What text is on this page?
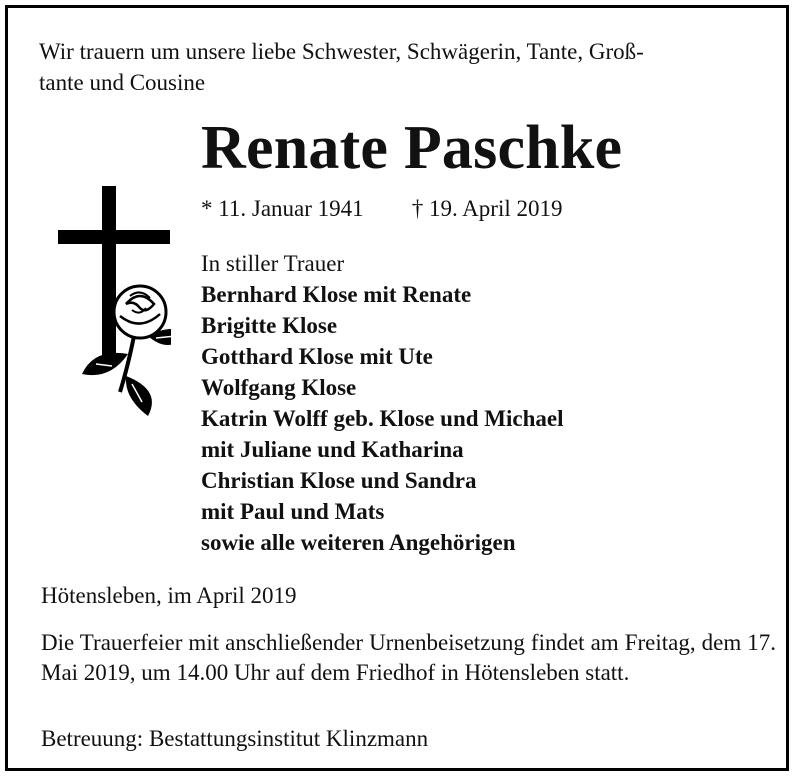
Wir trauern um unsere liebe Schwester, Schwägerin, Tante, Groß-
tante und Cousine
Renate Paschke
* 11. Januar 1941 † 19. April 2019
In stiller Trauer
Bernhard Klose mit Renate
Brigitte Klose
Gotthard Klose mit Ute
Wolfgang Klose
Katrin Wolff geb. Klose und Michael
mit Juliane und Katharina
Christian Klose und Sandra
mit Paul und Mats
sowie alle weiteren Angehörigen
Hötensleben, im April 2019
Die Trauerfeier mit anschließender Urnenbeisetzung findet am Freitag, dem 17. Mai 2019, um 14.00 Uhr auf dem Friedhof in Hötensleben statt.
Betreuung: Bestattungsinstitut Klinzmann
